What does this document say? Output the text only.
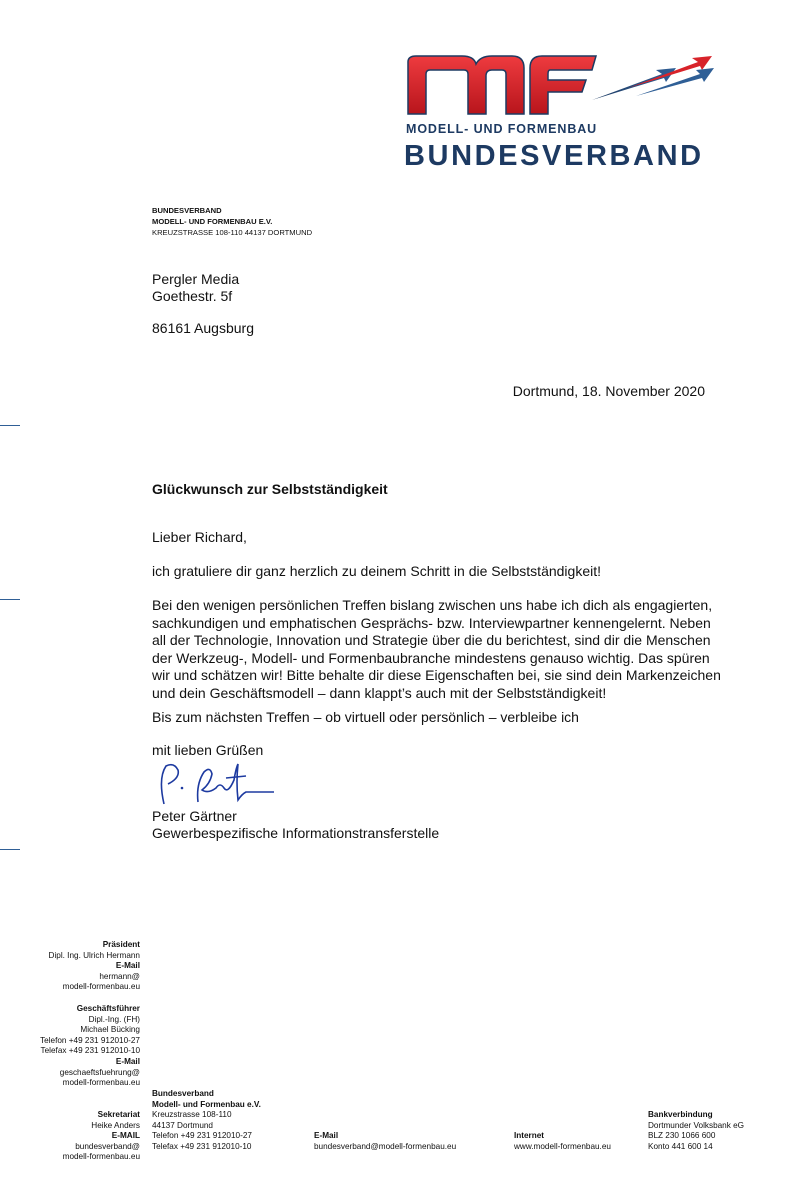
MODELL- UND FORMENBAU
BUNDESVERBAND
BUNDESVERBAND
MODELL- UND FORMENBAU E.V.
KREUZSTRASSE 108-110 44137 DORTMUND
Pergler Media
Goethestr. 5f
86161 Augsburg
Dortmund, 18. November 2020
Glückwunsch zur Selbstständigkeit
Lieber Richard,
ich gratuliere dir ganz herzlich zu deinem Schritt in die Selbstständigkeit!
Bei den wenigen persönlichen Treffen bislang zwischen uns habe ich dich als engagierten,
sachkundigen und emphatischen Gesprächs- bzw. Interviewpartner kennengelernt. Neben
all der Technologie, Innovation und Strategie über die du berichtest, sind dir die Menschen
der Werkzeug-, Modell- und Formenbaubranche mindestens genauso wichtig. Das spüren
wir und schätzen wir! Bitte behalte dir diese Eigenschaften bei, sie sind dein Markenzeichen
und dein Geschäftsmodell – dann klappt’s auch mit der Selbstständigkeit!
Bis zum nächsten Treffen – ob virtuell oder persönlich – verbleibe ich
mit lieben Grüßen
Peter Gärtner
Gewerbespezifische Informationstransferstelle
Präsident
Dipl. Ing. Ulrich Hermann
E-Mail
hermann@
modell-formenbau.eu
Geschäftsführer
Dipl.-Ing. (FH)
Michael Bücking
Telefon +49 231 912010-27
Telefax +49 231 912010-10
E-Mail
geschaeftsfuehrung@
modell-formenbau.eu
Sekretariat
Heike Anders
E-MAIL
bundesverband@
modell-formenbau.eu
Bundesverband
Modell- und Formenbau e.V.
Kreuzstrasse 108-110
44137 Dortmund
Telefon +49 231 912010-27
Telefax +49 231 912010-10
E-Mail
bundesverband@modell-formenbau.eu
Internet
www.modell-formenbau.eu
Bankverbindung
Dortmunder Volksbank eG
BLZ 230 1066 600
Konto 441 600 14
